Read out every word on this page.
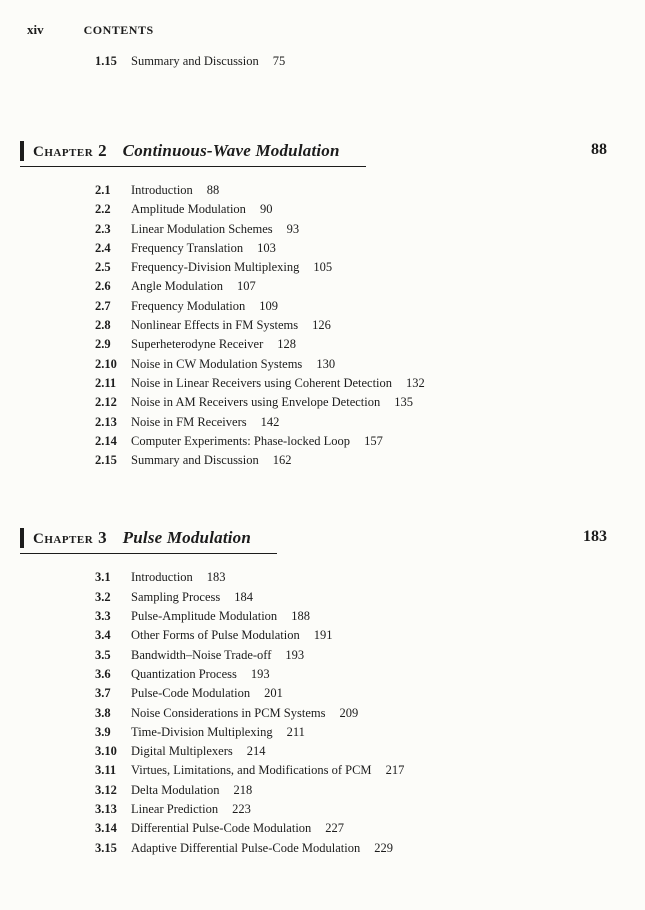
xiv	CONTENTS
1.15	Summary and Discussion 75
Chapter 2 Continuous-Wave Modulation	88
2.1	Introduction 88
2.2	Amplitude Modulation 90
2.3	Linear Modulation Schemes 93
2.4	Frequency Translation 103
2.5	Frequency-Division Multiplexing 105
2.6	Angle Modulation 107
2.7	Frequency Modulation 109
2.8	Nonlinear Effects in FM Systems 126
2.9	Superheterodyne Receiver 128
2.10	Noise in CW Modulation Systems 130
2.11	Noise in Linear Receivers using Coherent Detection 132
2.12	Noise in AM Receivers using Envelope Detection 135
2.13	Noise in FM Receivers 142
2.14	Computer Experiments: Phase-locked Loop 157
2.15	Summary and Discussion 162
Chapter 3 Pulse Modulation	183
3.1	Introduction 183
3.2	Sampling Process 184
3.3	Pulse-Amplitude Modulation 188
3.4	Other Forms of Pulse Modulation 191
3.5	Bandwidth–Noise Trade-off 193
3.6	Quantization Process 193
3.7	Pulse-Code Modulation 201
3.8	Noise Considerations in PCM Systems 209
3.9	Time-Division Multiplexing 211
3.10	Digital Multiplexers 214
3.11	Virtues, Limitations, and Modifications of PCM 217
3.12	Delta Modulation 218
3.13	Linear Prediction 223
3.14	Differential Pulse-Code Modulation 227
3.15	Adaptive Differential Pulse-Code Modulation 229
